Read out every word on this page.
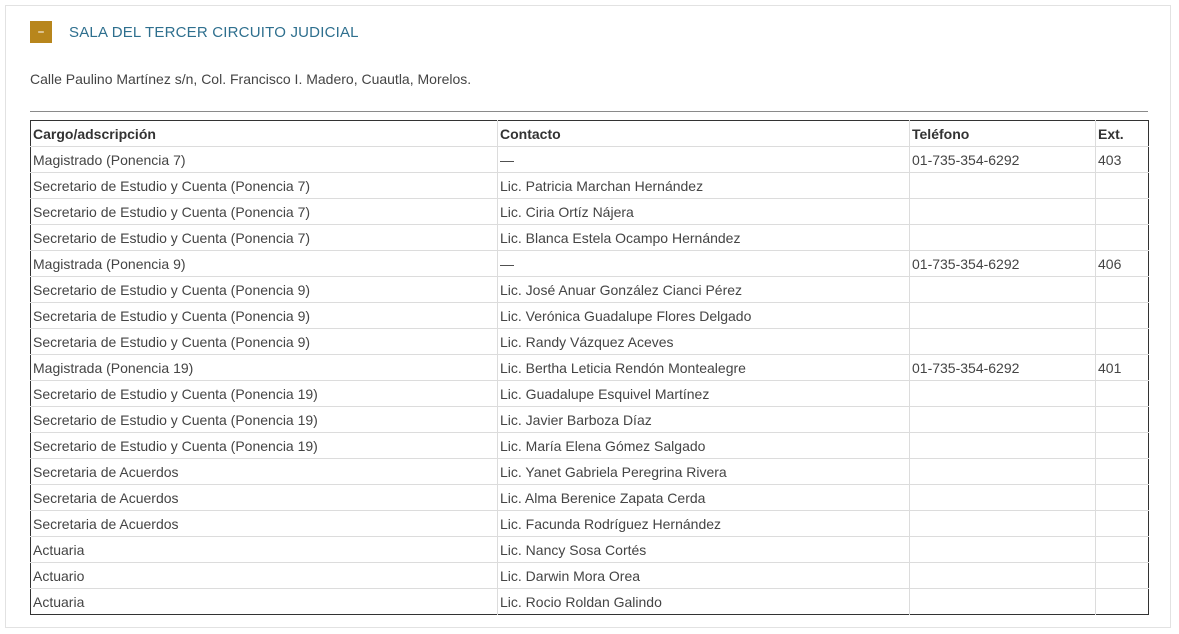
–	SALA DEL TERCER CIRCUITO JUDICIAL
Calle Paulino Martínez s/n, Col. Francisco I. Madero, Cuautla, Morelos.
Cargo/adscripción	Contacto	Teléfono	Ext.
Magistrado (Ponencia 7)	—	01-735-354-6292	403
Secretario de Estudio y Cuenta (Ponencia 7)	Lic. Patricia Marchan Hernández		
Secretario de Estudio y Cuenta (Ponencia 7)	Lic. Ciria Ortíz Nájera		
Secretario de Estudio y Cuenta (Ponencia 7)	Lic. Blanca Estela Ocampo Hernández		
Magistrada (Ponencia 9)	—	01-735-354-6292	406
Secretario de Estudio y Cuenta (Ponencia 9)	Lic. José Anuar González Cianci Pérez		
Secretaria de Estudio y Cuenta (Ponencia 9)	Lic. Verónica Guadalupe Flores Delgado		
Secretaria de Estudio y Cuenta (Ponencia 9)	Lic. Randy Vázquez Aceves		
Magistrada (Ponencia 19)	Lic. Bertha Leticia Rendón Montealegre	01-735-354-6292	401
Secretario de Estudio y Cuenta (Ponencia 19)	Lic. Guadalupe Esquivel Martínez		
Secretario de Estudio y Cuenta (Ponencia 19)	Lic. Javier Barboza Díaz		
Secretario de Estudio y Cuenta (Ponencia 19)	Lic. María Elena Gómez Salgado		
Secretaria de Acuerdos	Lic. Yanet Gabriela Peregrina Rivera		
Secretaria de Acuerdos	Lic. Alma Berenice Zapata Cerda		
Secretaria de Acuerdos	Lic. Facunda Rodríguez Hernández		
Actuaria	Lic. Nancy Sosa Cortés		
Actuario	Lic. Darwin Mora Orea		
Actuaria	Lic. Rocio Roldan Galindo		
